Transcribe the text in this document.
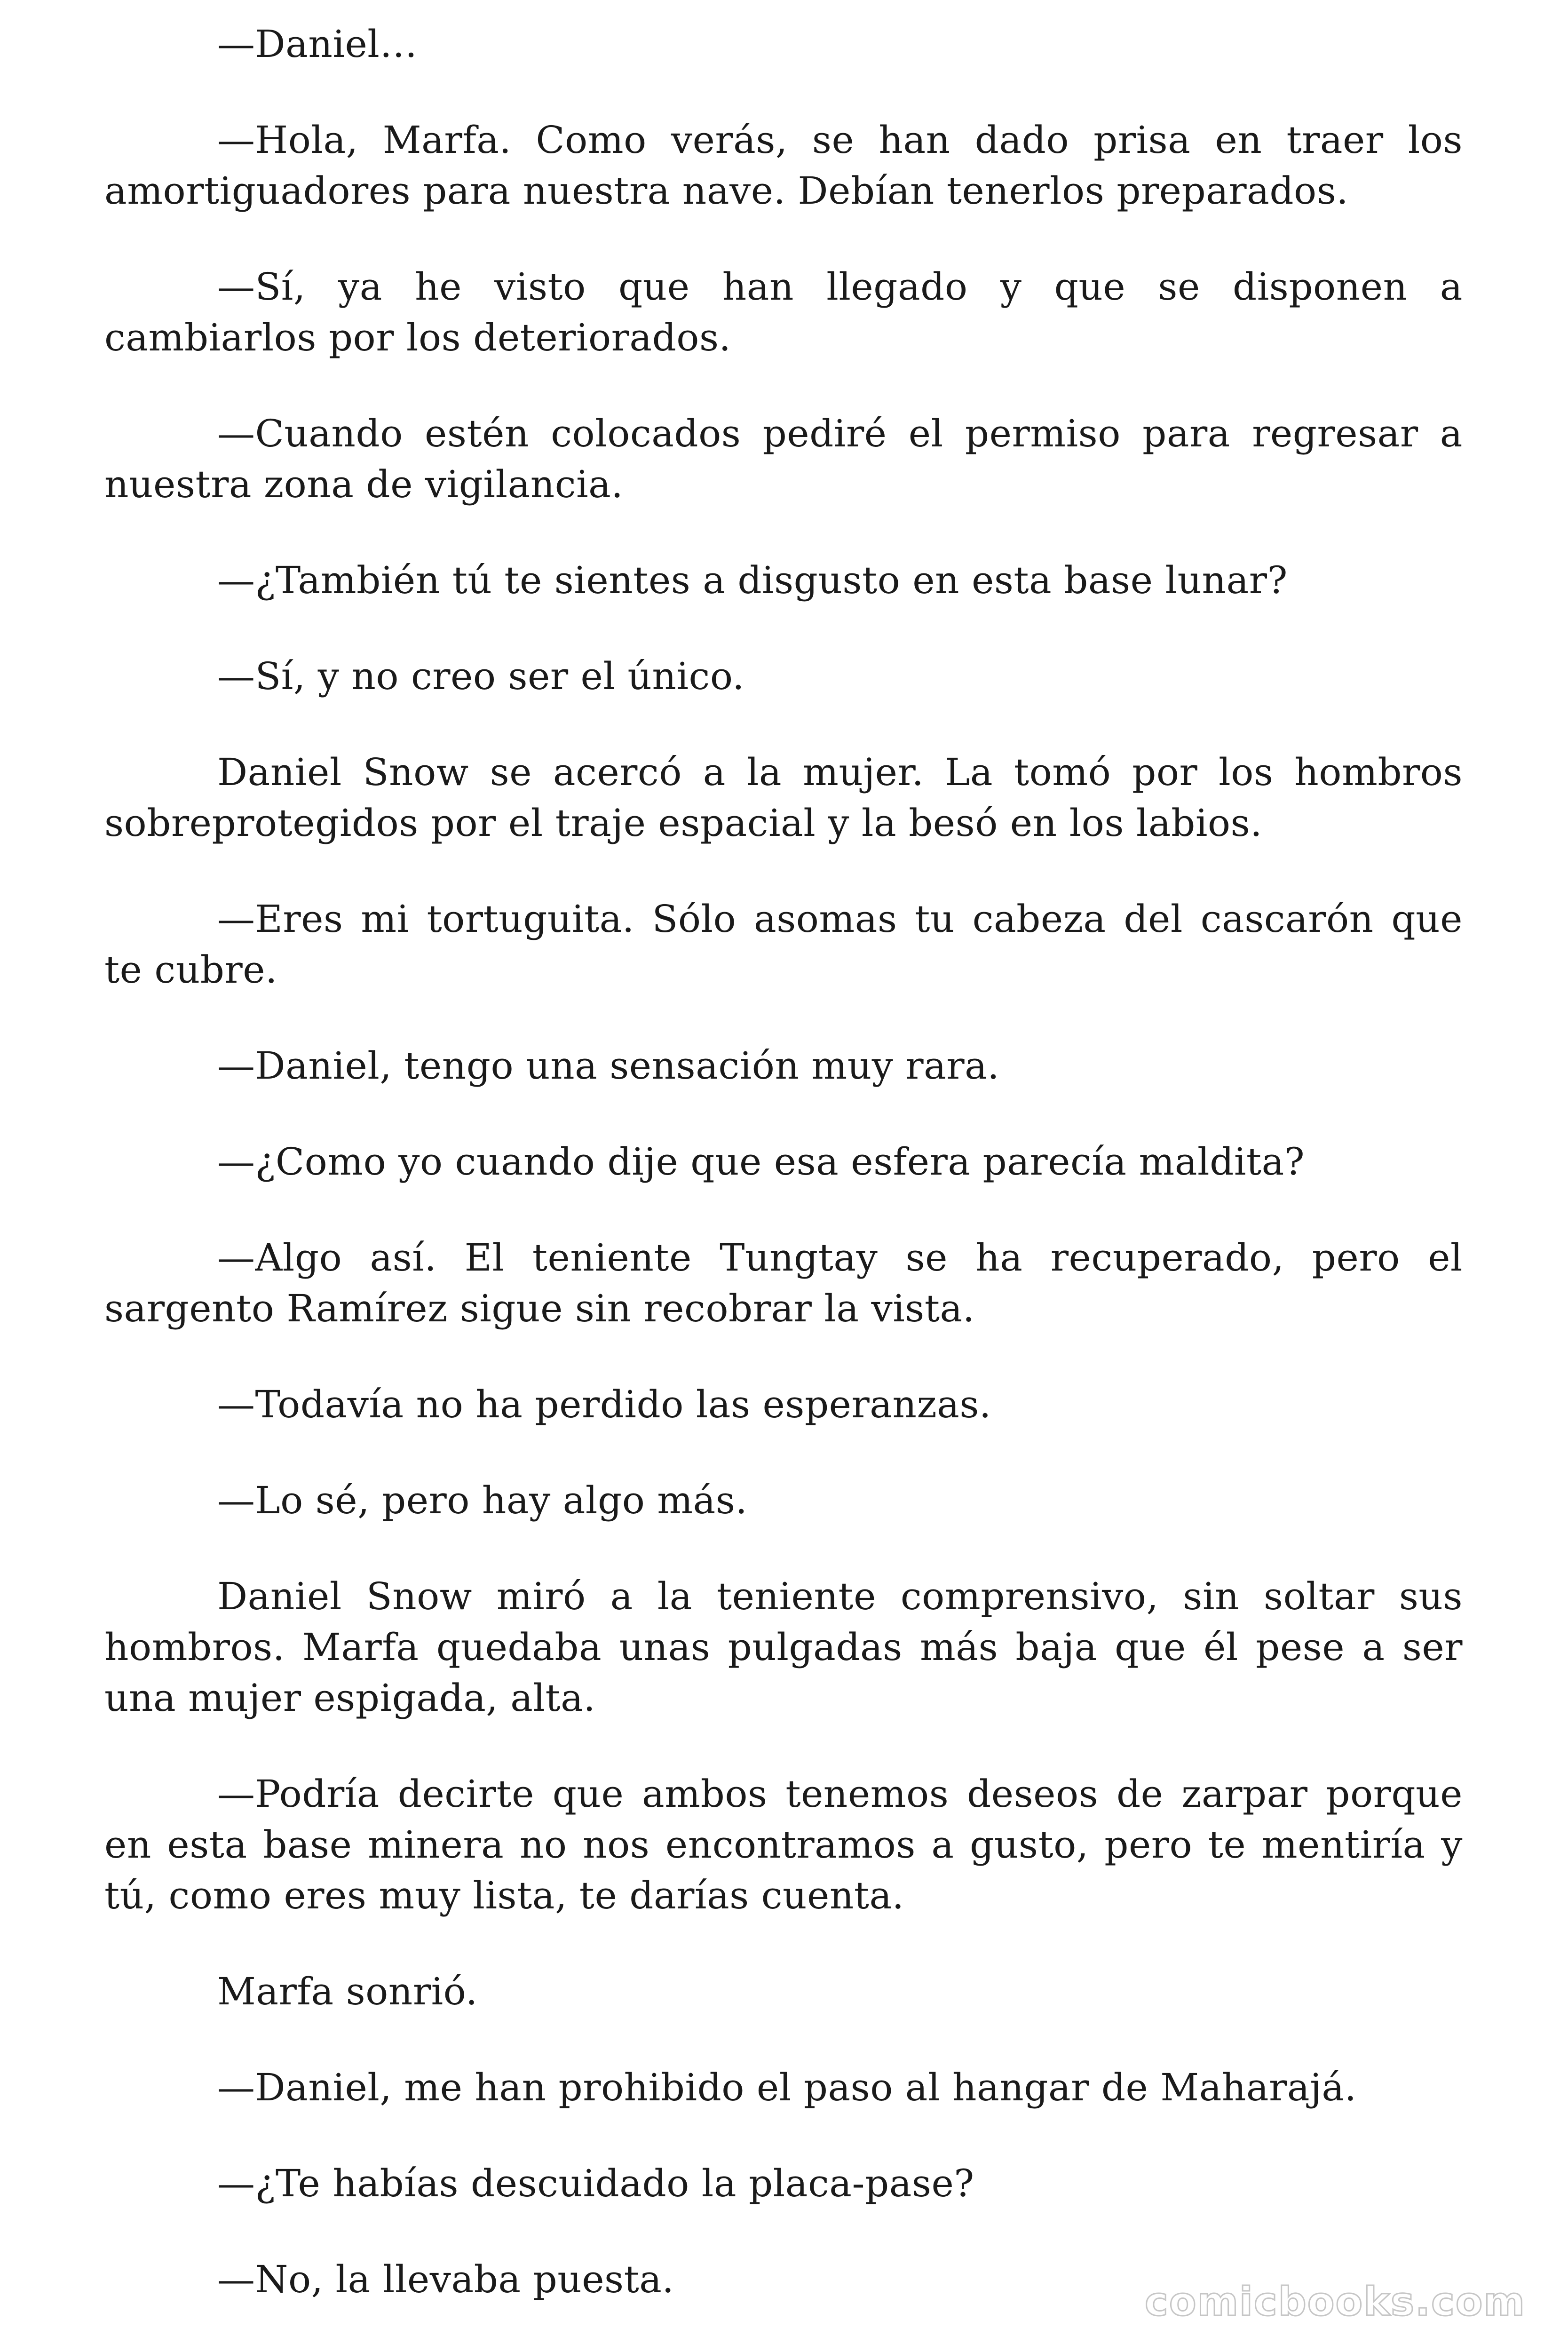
—Daniel…

—Hola, Marfa. Como verás, se han dado prisa en traer los amortiguadores para nuestra nave. Debían tenerlos preparados.

—Sí, ya he visto que han llegado y que se disponen a cambiarlos por los deteriorados.

—Cuando estén colocados pediré el permiso para regresar a nuestra zona de vigilancia.

—¿También tú te sientes a disgusto en esta base lunar?

—Sí, y no creo ser el único.

Daniel Snow se acercó a la mujer. La tomó por los hombros sobreprotegidos por el traje espacial y la besó en los labios.

—Eres mi tortuguita. Sólo asomas tu cabeza del cascarón que te cubre.

—Daniel, tengo una sensación muy rara.

—¿Como yo cuando dije que esa esfera parecía maldita?

—Algo así. El teniente Tungtay se ha recuperado, pero el sargento Ramírez sigue sin recobrar la vista.

—Todavía no ha perdido las esperanzas.

—Lo sé, pero hay algo más.

Daniel Snow miró a la teniente comprensivo, sin soltar sus hombros. Marfa quedaba unas pulgadas más baja que él pese a ser una mujer espigada, alta.

—Podría decirte que ambos tenemos deseos de zarpar porque en esta base minera no nos encontramos a gusto, pero te mentiría y tú, como eres muy lista, te darías cuenta.

Marfa sonrió.

—Daniel, me han prohibido el paso al hangar de Maharajá.

—¿Te habías descuidado la placa-pase?

—No, la llevaba puesta.	comicbooks.com
